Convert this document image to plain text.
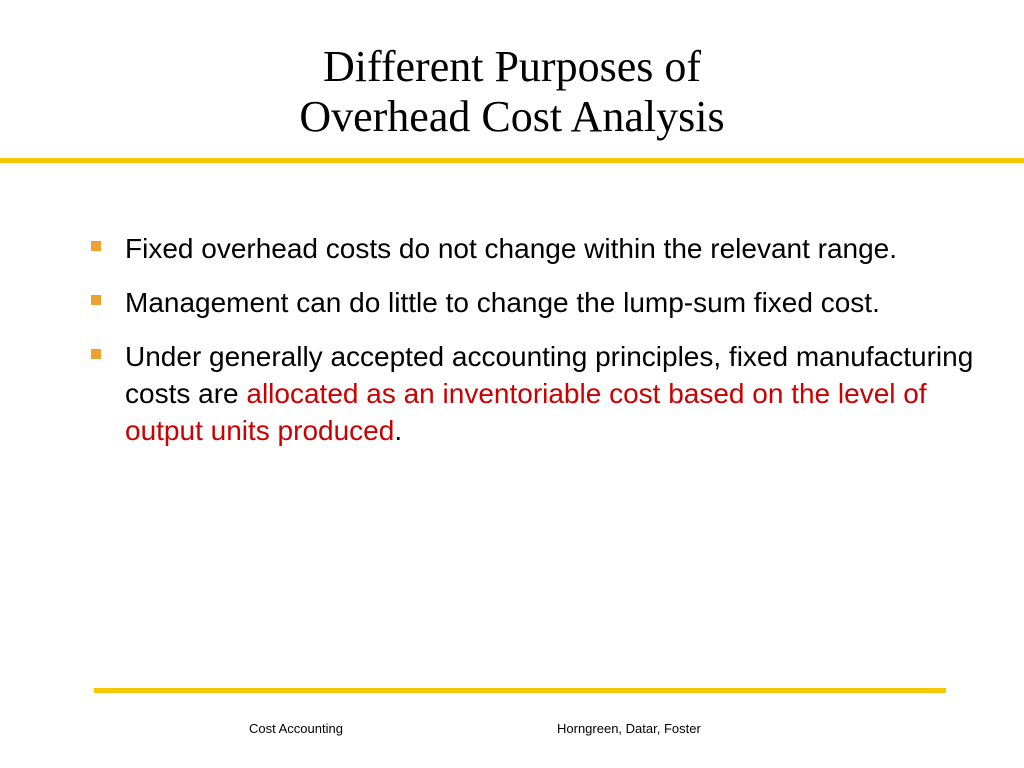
Different Purposes of
Overhead Cost Analysis
Fixed overhead costs do not change within the relevant range.
Management can do little to change the lump-sum fixed cost.
Under generally accepted accounting principles, fixed manufacturing costs are allocated as an inventoriable cost based on the level of output units produced.
Cost Accounting	Horngreen, Datar, Foster
